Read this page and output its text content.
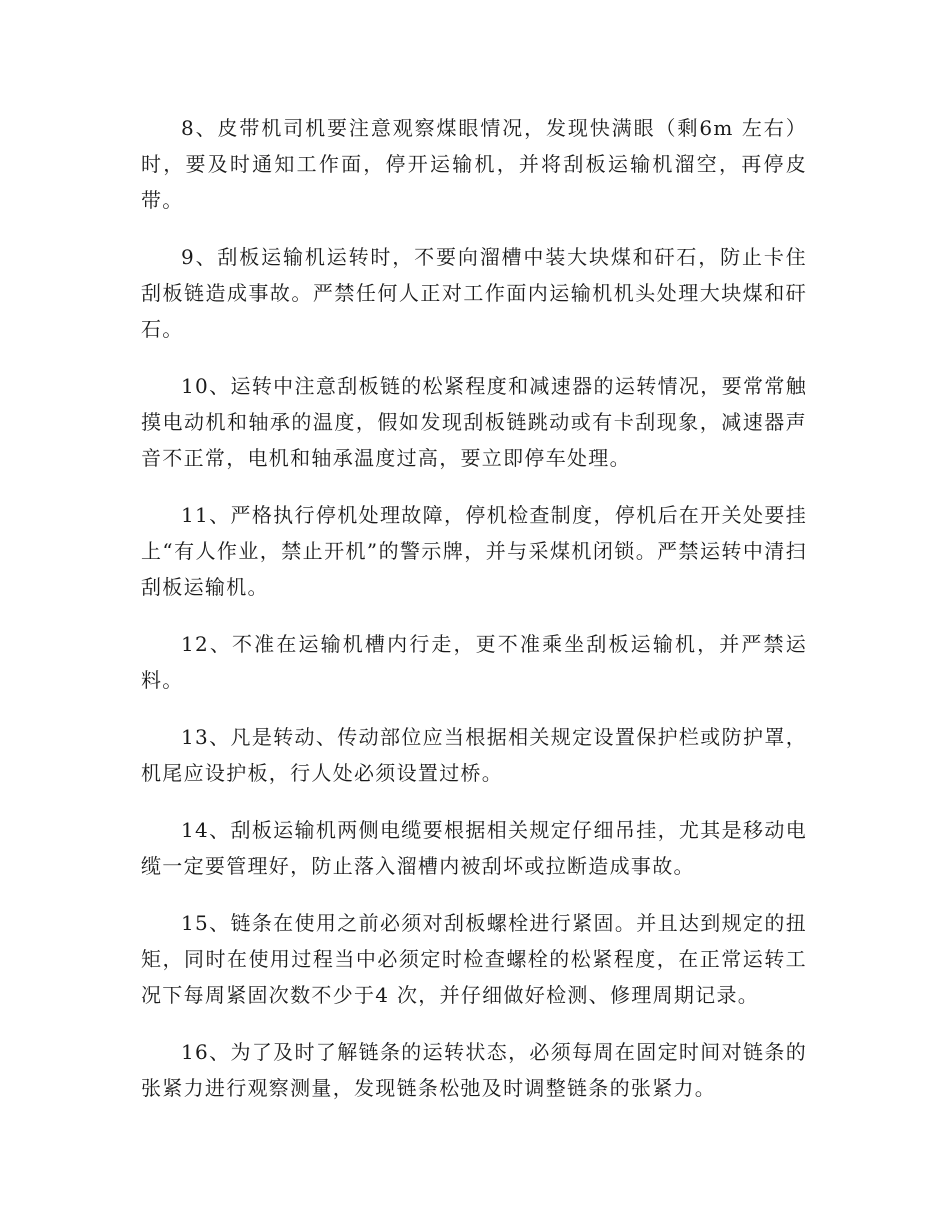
8、皮带机司机要注意观察煤眼情况，发现快满眼（剩6m 左右）时，要及时通知工作面，停开运输机，并将刮板运输机溜空，再停皮带。

9、刮板运输机运转时，不要向溜槽中装大块煤和矸石，防止卡住刮板链造成事故。严禁任何人正对工作面内运输机机头处理大块煤和矸石。

10、运转中注意刮板链的松紧程度和减速器的运转情况，要常常触摸电动机和轴承的温度，假如发现刮板链跳动或有卡刮现象，减速器声音不正常，电机和轴承温度过高，要立即停车处理。

11、严格执行停机处理故障，停机检查制度，停机后在开关处要挂上“有人作业，禁止开机”的警示牌，并与采煤机闭锁。严禁运转中清扫刮板运输机。

12、不准在运输机槽内行走，更不准乘坐刮板运输机，并严禁运料。

13、凡是转动、传动部位应当根据相关规定设置保护栏或防护罩，机尾应设护板，行人处必须设置过桥。

14、刮板运输机两侧电缆要根据相关规定仔细吊挂，尤其是移动电缆一定要管理好，防止落入溜槽内被刮坏或拉断造成事故。

15、链条在使用之前必须对刮板螺栓进行紧固。并且达到规定的扭矩，同时在使用过程当中必须定时检查螺栓的松紧程度，在正常运转工况下每周紧固次数不少于4 次，并仔细做好检测、修理周期记录。

16、为了及时了解链条的运转状态，必须每周在固定时间对链条的张紧力进行观察测量，发现链条松弛及时调整链条的张紧力。
